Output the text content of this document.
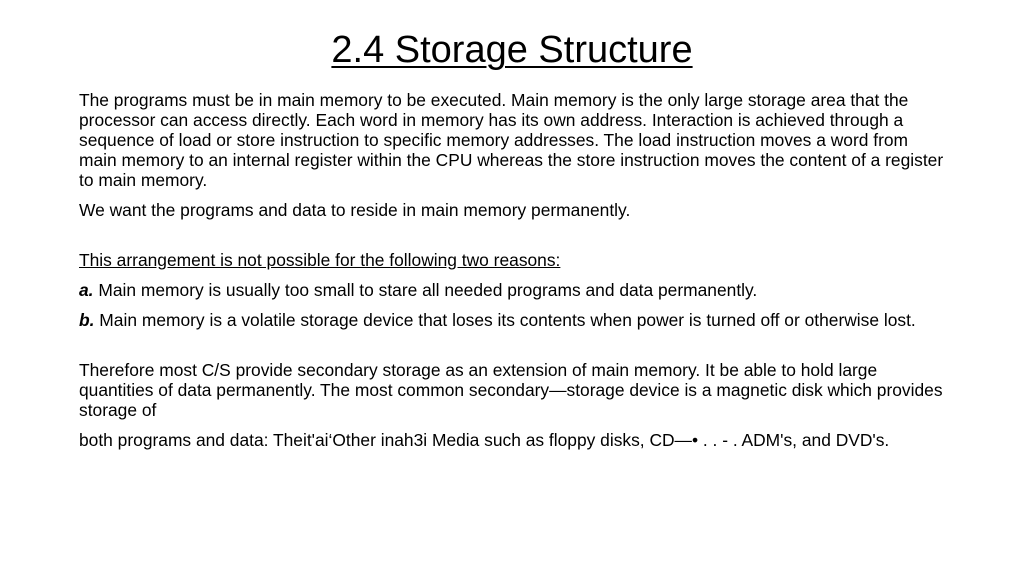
2.4 Storage Structure

The programs must be in main memory to be executed. Main memory is the only large storage area that the processor can access directly. Each word in memory has its own address. Interaction is achieved through a sequence of load or store instruction to specific memory addresses. The load instruction moves a word from main memory to an internal register within the CPU whereas the store instruction moves the content of a register to main memory.

We want the programs and data to reside in main memory permanently.

This arrangement is not possible for the following two reasons:

a. Main memory is usually too small to stare all needed programs and data permanently.

b. Main memory is a volatile storage device that loses its contents when power is turned off or otherwise lost.

Therefore most C/S provide secondary storage as an extension of main memory. It be able to hold large quantities of data permanently. The most common secondary—storage device is a magnetic disk which provides storage of

both programs and data: Theit'ai‘Other inah3i Media such as floppy disks, CD—• . . - . ADM's, and DVD's.
